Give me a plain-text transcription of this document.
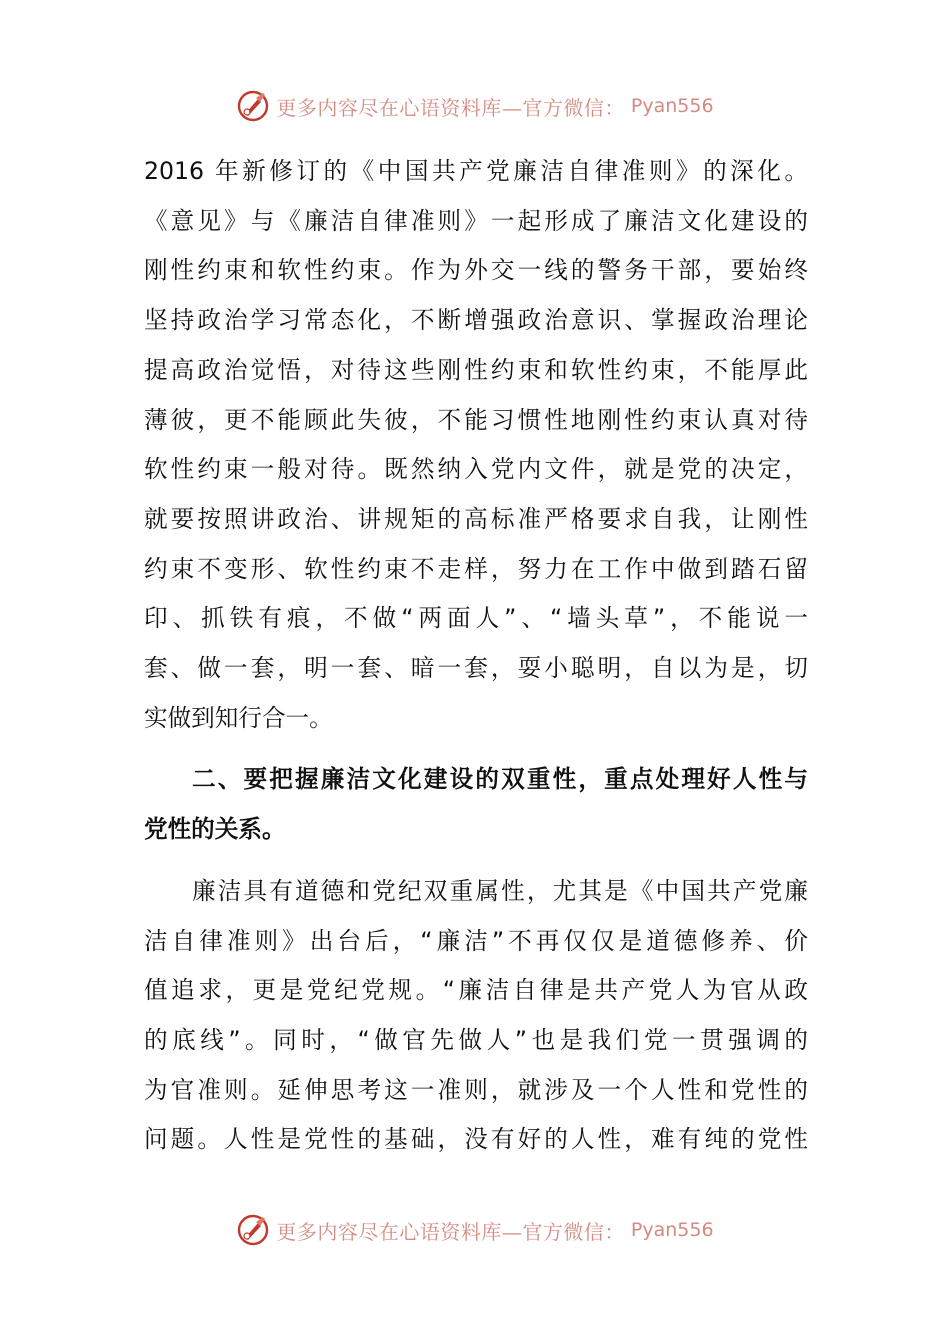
更多内容尽在心语资料库—官方微信： Pyan556

2016 年新修订的《中国共产党廉洁自律准则》的深化。
《意见》与《廉洁自律准则》一起形成了廉洁文化建设的
刚性约束和软性约束。作为外交一线的警务干部，要始终
坚持政治学习常态化，不断增强政治意识、掌握政治理论
提高政治觉悟，对待这些刚性约束和软性约束，不能厚此
薄彼，更不能顾此失彼，不能习惯性地刚性约束认真对待
软性约束一般对待。既然纳入党内文件，就是党的决定，
就要按照讲政治、讲规矩的高标准严格要求自我，让刚性
约束不变形、软性约束不走样，努力在工作中做到踏石留
印、抓铁有痕，不做“两面人”、“墙头草”，不能说一
套、做一套，明一套、暗一套，耍小聪明，自以为是，切
实做到知行合一。

二、要把握廉洁文化建设的双重性，重点处理好人性与
党性的关系。

廉洁具有道德和党纪双重属性，尤其是《中国共产党廉
洁自律准则》出台后，“廉洁”不再仅仅是道德修养、价
值追求，更是党纪党规。“廉洁自律是共产党人为官从政
的底线”。同时，“做官先做人”也是我们党一贯强调的
为官准则。延伸思考这一准则，就涉及一个人性和党性的
问题。人性是党性的基础，没有好的人性，难有纯的党性

更多内容尽在心语资料库—官方微信： Pyan556
